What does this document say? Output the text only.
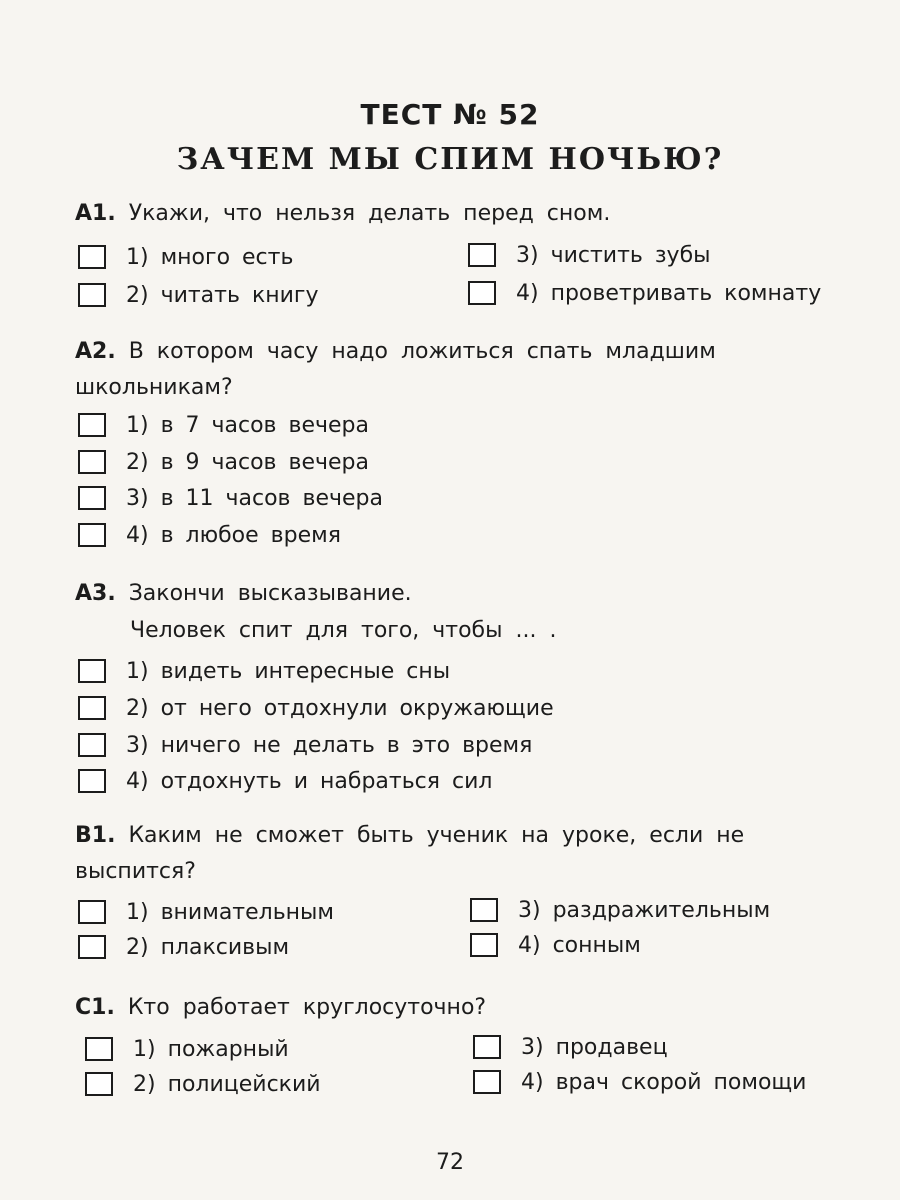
ТЕСТ № 52
ЗАЧЕМ МЫ СПИМ НОЧЬЮ?
А1. Укажи, что нельзя делать перед сном.
1) много есть
2) читать книгу
3) чистить зубы
4) проветривать комнату
А2. В котором часу надо ложиться спать младшим школьникам?
1) в 7 часов вечера
2) в 9 часов вечера
3) в 11 часов вечера
4) в любое время
А3. Закончи высказывание.
Человек спит для того, чтобы ... .
1) видеть интересные сны
2) от него отдохнули окружающие
3) ничего не делать в это время
4) отдохнуть и набраться сил
В1. Каким не сможет быть ученик на уроке, если не выспится?
1) внимательным
2) плаксивым
3) раздражительным
4) сонным
С1. Кто работает круглосуточно?
1) пожарный
2) полицейский
3) продавец
4) врач скорой помощи
72
